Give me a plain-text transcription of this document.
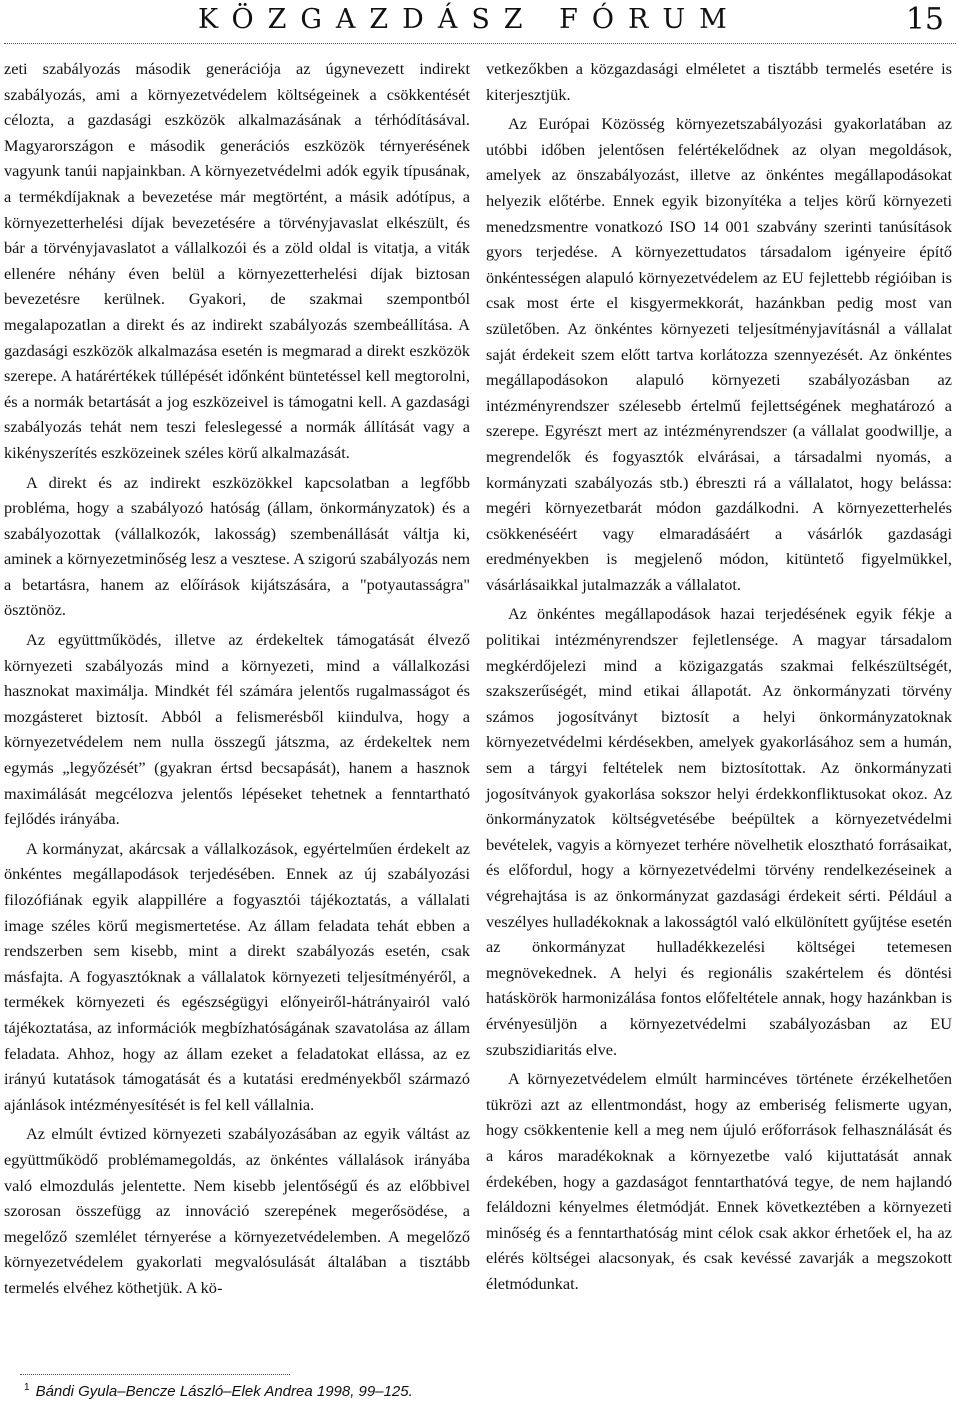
KÖZGAZDÁSZ FÓRUM	15

zeti szabályozás második generációja az úgynevezett indirekt szabályozás, ami a környezetvédelem költségeinek a csökkentését célozta, a gazdasági eszközök alkalmazásának a térhódításával. Magyarországon e második generációs eszközök térnyerésének vagyunk tanúi napjainkban. A környezetvédelmi adók egyik típusának, a termékdíjaknak a bevezetése már megtörtént, a másik adótípus, a környezetterhelési díjak bevezetésére a törvényjavaslat elkészült, és bár a törvényjavaslatot a vállalkozói és a zöld oldal is vitatja, a viták ellenére néhány éven belül a környezetterhelési díjak biztosan bevezetésre kerülnek. Gyakori, de szakmai szempontból megalapozatlan a direkt és az indirekt szabályozás szembeállítása. A gazdasági eszközök alkalmazása esetén is megmarad a direkt eszközök szerepe. A határértékek túllépését időnként büntetéssel kell megtorolni, és a normák betartását a jog eszközeivel is támogatni kell. A gazdasági szabályozás tehát nem teszi feleslegessé a normák állítását vagy a kikényszerítés eszközeinek széles körű alkalmazását.

A direkt és az indirekt eszközökkel kapcsolatban a legfőbb probléma, hogy a szabályozó hatóság (állam, önkormányzatok) és a szabályozottak (vállalkozók, lakosság) szembenállását váltja ki, aminek a környezetminőség lesz a vesztese. A szigorú szabályozás nem a betartásra, hanem az előírások kijátszására, a "potyautasságra" ösztönöz.

Az együttműködés, illetve az érdekeltek támogatását élvező környezeti szabályozás mind a környezeti, mind a vállalkozási hasznokat maximálja. Mindkét fél számára jelentős rugalmasságot és mozgásteret biztosít. Abból a felismerésből kiindulva, hogy a környezetvédelem nem nulla összegű játszma, az érdekeltek nem egymás „legyőzését” (gyakran értsd becsapását), hanem a hasznok maximálását megcélozva jelentős lépéseket tehetnek a fenntartható fejlődés irányába.

A kormányzat, akárcsak a vállalkozások, egyértelműen érdekelt az önkéntes megállapodások terjedésében. Ennek az új szabályozási filozófiának egyik alappillére a fogyasztói tájékoztatás, a vállalati image széles körű megismertetése. Az állam feladata tehát ebben a rendszerben sem kisebb, mint a direkt szabályozás esetén, csak másfajta. A fogyasztóknak a vállalatok környezeti teljesítményéről, a termékek környezeti és egészségügyi előnyeiről-hátrányairól való tájékoztatása, az információk megbízhatóságának szavatolása az állam feladata. Ahhoz, hogy az állam ezeket a feladatokat ellássa, az ez irányú kutatások támogatását és a kutatási eredményekből származó ajánlások intézményesítését is fel kell vállalnia.

Az elmúlt évtized környezeti szabályozásában az egyik váltást az együttműködő problémamegoldás, az önkéntes vállalások irányába való elmozdulás jelentette. Nem kisebb jelentőségű és az előbbivel szorosan összefügg az innováció szerepének megerősödése, a megelőző szemlélet térnyerése a környezetvédelemben. A megelőző környezetvédelem gyakorlati megvalósulását általában a tisztább termelés elvéhez köthetjük. A kö-

vetkezőkben a közgazdasági elméletet a tisztább termelés esetére is kiterjesztjük.

Az Európai Közösség környezetszabályozási gyakorlatában az utóbbi időben jelentősen felértékelődnek az olyan megoldások, amelyek az önszabályozást, illetve az önkéntes megállapodásokat helyezik előtérbe. Ennek egyik bizonyítéka a teljes körű környezeti menedzsmentre vonatkozó ISO 14 001 szabvány szerinti tanúsítások gyors terjedése. A környezettudatos társadalom igényeire építő önkéntességen alapuló környezetvédelem az EU fejlettebb régióiban is csak most érte el kisgyermekkorát, hazánkban pedig most van születőben. Az önkéntes környezeti teljesítményjavításnál a vállalat saját érdekeit szem előtt tartva korlátozza szennyezését. Az önkéntes megállapodásokon alapuló környezeti szabályozásban az intézményrendszer szélesebb értelmű fejlettségének meghatározó a szerepe. Egyrészt mert az intézményrendszer (a vállalat goodwillje, a megrendelők és fogyasztók elvárásai, a társadalmi nyomás, a kormányzati szabályozás stb.) ébreszti rá a vállalatot, hogy belássa: megéri környezetbarát módon gazdálkodni. A környezetterhelés csökkenéséért vagy elmaradásáért a vásárlók gazdasági eredményekben is megjelenő módon, kitüntető figyelmükkel, vásárlásaikkal jutalmazzák a vállalatot.

Az önkéntes megállapodások hazai terjedésének egyik fékje a politikai intézményrendszer fejletlensége. A magyar társadalom megkérdőjelezi mind a közigazgatás szakmai felkészültségét, szakszerűségét, mind etikai állapotát. Az önkormányzati törvény számos jogosítványt biztosít a helyi önkormányzatoknak környezetvédelmi kérdésekben, amelyek gyakorlásához sem a humán, sem a tárgyi feltételek nem biztosítottak. Az önkormányzati jogosítványok gyakorlása sokszor helyi érdekkonfliktusokat okoz. Az önkormányzatok költségvetésébe beépültek a környezetvédelmi bevételek, vagyis a környezet terhére növelhetik elosztható forrásaikat, és előfordul, hogy a környezetvédelmi törvény rendelkezéseinek a végrehajtása is az önkormányzat gazdasági érdekeit sérti. Például a veszélyes hulladékoknak a lakosságtól való elkülönített gyűjtése esetén az önkormányzat hulladékkezelési költségei tetemesen megnövekednek. A helyi és regionális szakértelem és döntési hatáskörök harmonizálása fontos előfeltétele annak, hogy hazánkban is érvényesüljön a környezetvédelmi szabályozásban az EU szubszidiaritás elve.

A környezetvédelem elmúlt harmincéves története érzékelhetően tükrözi azt az ellentmondást, hogy az emberiség felismerte ugyan, hogy csökkentenie kell a meg nem újuló erőforrások felhasználását és a káros maradékoknak a környezetbe való kijuttatását annak érdekében, hogy a gazdaságot fenntarthatóvá tegye, de nem hajlandó feláldozni kényelmes életmódját. Ennek következtében a környezeti minőség és a fenntarthatóság mint célok csak akkor érhetőek el, ha az elérés költségei alacsonyak, és csak kevéssé zavarják a megszokott életmódunkat.

$^1$ Bándi Gyula–Bencze László–Elek Andrea 1998, 99–125.
